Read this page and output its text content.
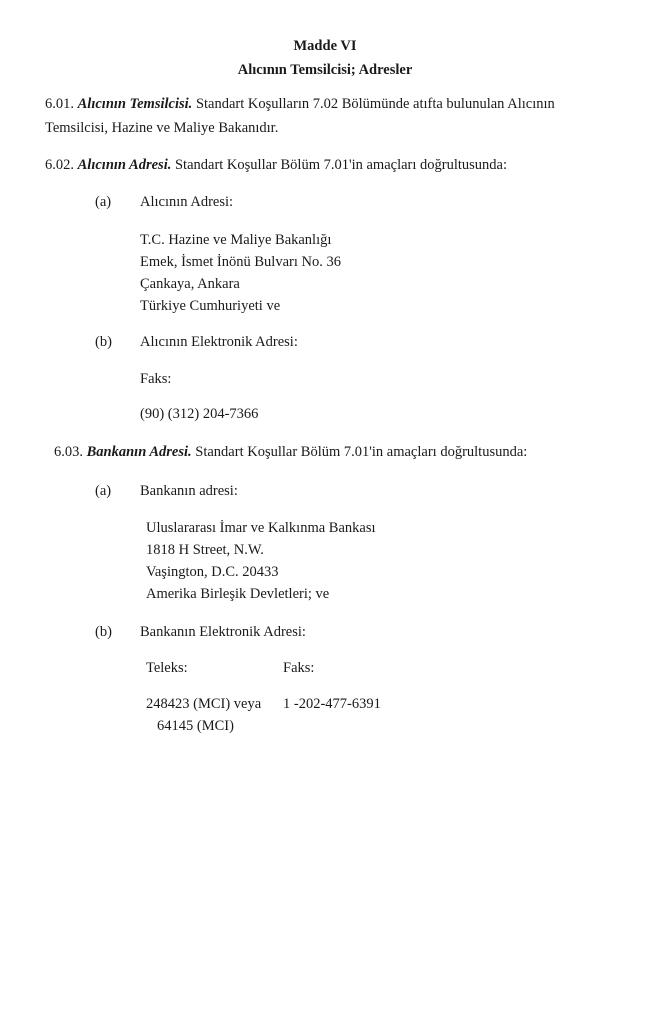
Madde VI
Alıcının Temsilcisi; Adresler
6.01. Alıcının Temsilcisi. Standart Koşulların 7.02 Bölümünde atıfta bulunulan Alıcının
Temsilcisi, Hazine ve Maliye Bakanıdır.
6.02. Alıcının Adresi. Standart Koşullar Bölüm 7.01'in amaçları doğrultusunda:
(a) Alıcının Adresi:
T.C. Hazine ve Maliye Bakanlığı
Emek, İsmet İnönü Bulvarı No. 36
Çankaya, Ankara
Türkiye Cumhuriyeti ve
(b) Alıcının Elektronik Adresi:
Faks:
(90) (312) 204-7366
6.03. Bankanın Adresi. Standart Koşullar Bölüm 7.01'in amaçları doğrultusunda:
(a) Bankanın adresi:
Uluslararası İmar ve Kalkınma Bankası
1818 H Street, N.W.
Vaşington, D.C. 20433
Amerika Birleşik Devletleri; ve
(b) Bankanın Elektronik Adresi:
Teleks:	Faks:
248423 (MCI) veya 1 -202-477-6391
64145 (MCI)
